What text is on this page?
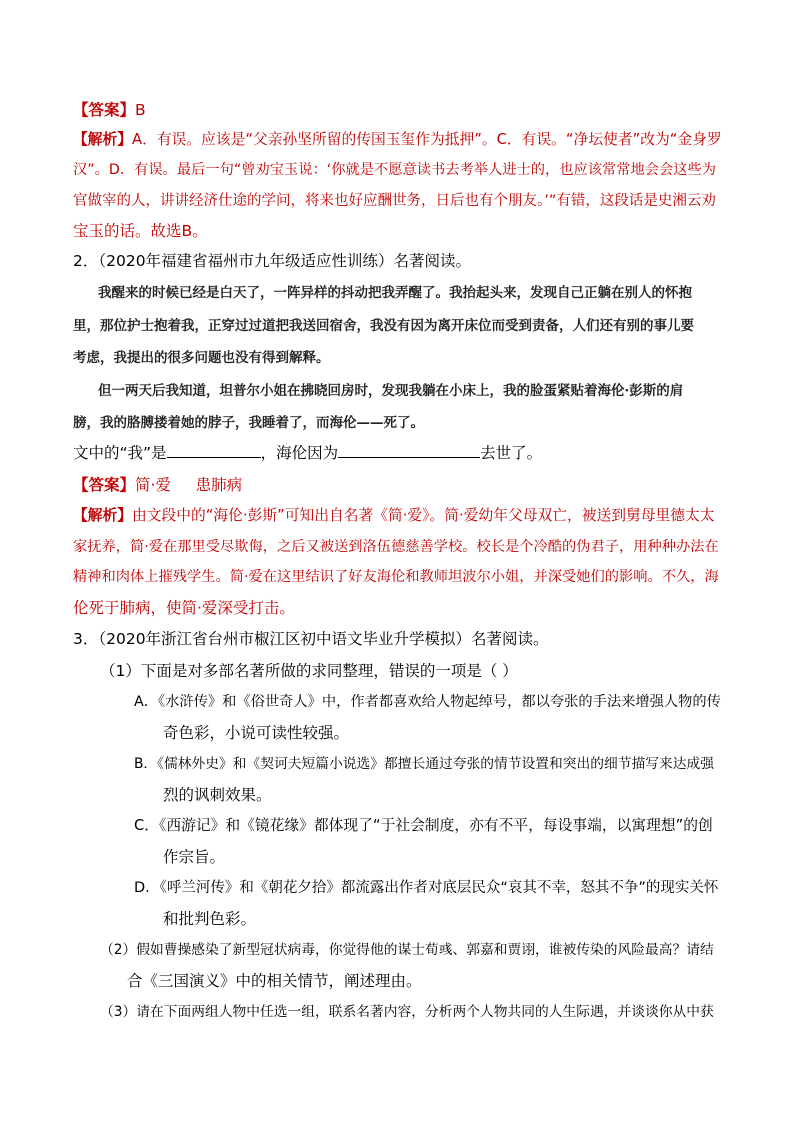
【答案】B
【解析】A．有误。应该是“父亲孙坚所留的传国玉玺作为抵押”。C．有误。“净坛使者”改为“金身罗
汉”。D．有误。最后一句“曾劝宝玉说：‘你就是不愿意读书去考举人进士的，也应该常常地会会这些为
官做宰的人，讲讲经济仕途的学问，将来也好应酬世务，日后也有个朋友。’”有错，这段话是史湘云劝
宝玉的话。故选B。
2．（2020年福建省福州市九年级适应性训练）名著阅读。
我醒来的时候已经是白天了，一阵异样的抖动把我弄醒了。我抬起头来，发现自己正躺在别人的怀抱
里，那位护士抱着我，正穿过过道把我送回宿舍，我没有因为离开床位而受到责备，人们还有别的事儿要
考虑，我提出的很多问题也没有得到解释。
但一两天后我知道，坦普尔小姐在拂晓回房时，发现我躺在小床上，我的脸蛋紧贴着海伦·彭斯的肩
膀，我的胳膊搂着她的脖子，我睡着了，而海伦——死了。
文中的“我”是	，海伦因为	去世了。
【答案】简·爱     患肺病
【解析】由文段中的“海伦·彭斯”可知出自名著《简·爱》。简·爱幼年父母双亡，被送到舅母里德太太
家抚养，简·爱在那里受尽欺侮，之后又被送到洛伍德慈善学校。校长是个冷酷的伪君子，用种种办法在
精神和肉体上摧残学生。简·爱在这里结识了好友海伦和教师坦波尔小姐，并深受她们的影响。不久，海
伦死于肺病，使简·爱深受打击。
3．（2020年浙江省台州市椒江区初中语文毕业升学模拟）名著阅读。
（1）下面是对多部名著所做的求同整理，错误的一项是（ ）
A．《水浒传》和《俗世奇人》中，作者都喜欢给人物起绰号，都以夸张的手法来增强人物的传
奇色彩，小说可读性较强。
B．《儒林外史》和《契诃夫短篇小说选》都擅长通过夸张的情节设置和突出的细节描写来达成强
烈的讽刺效果。
C．《西游记》和《镜花缘》都体现了“于社会制度，亦有不平，每设事端，以寓理想”的创
作宗旨。
D．《呼兰河传》和《朝花夕拾》都流露出作者对底层民众“哀其不幸，怒其不争”的现实关怀
和批判色彩。
（2）假如曹操感染了新型冠状病毒，你觉得他的谋士荀彧、郭嘉和贾诩，谁被传染的风险最高？请结
合《三国演义》中的相关情节，阐述理由。
（3）请在下面两组人物中任选一组，联系名著内容，分析两个人物共同的人生际遇，并谈谈你从中获
